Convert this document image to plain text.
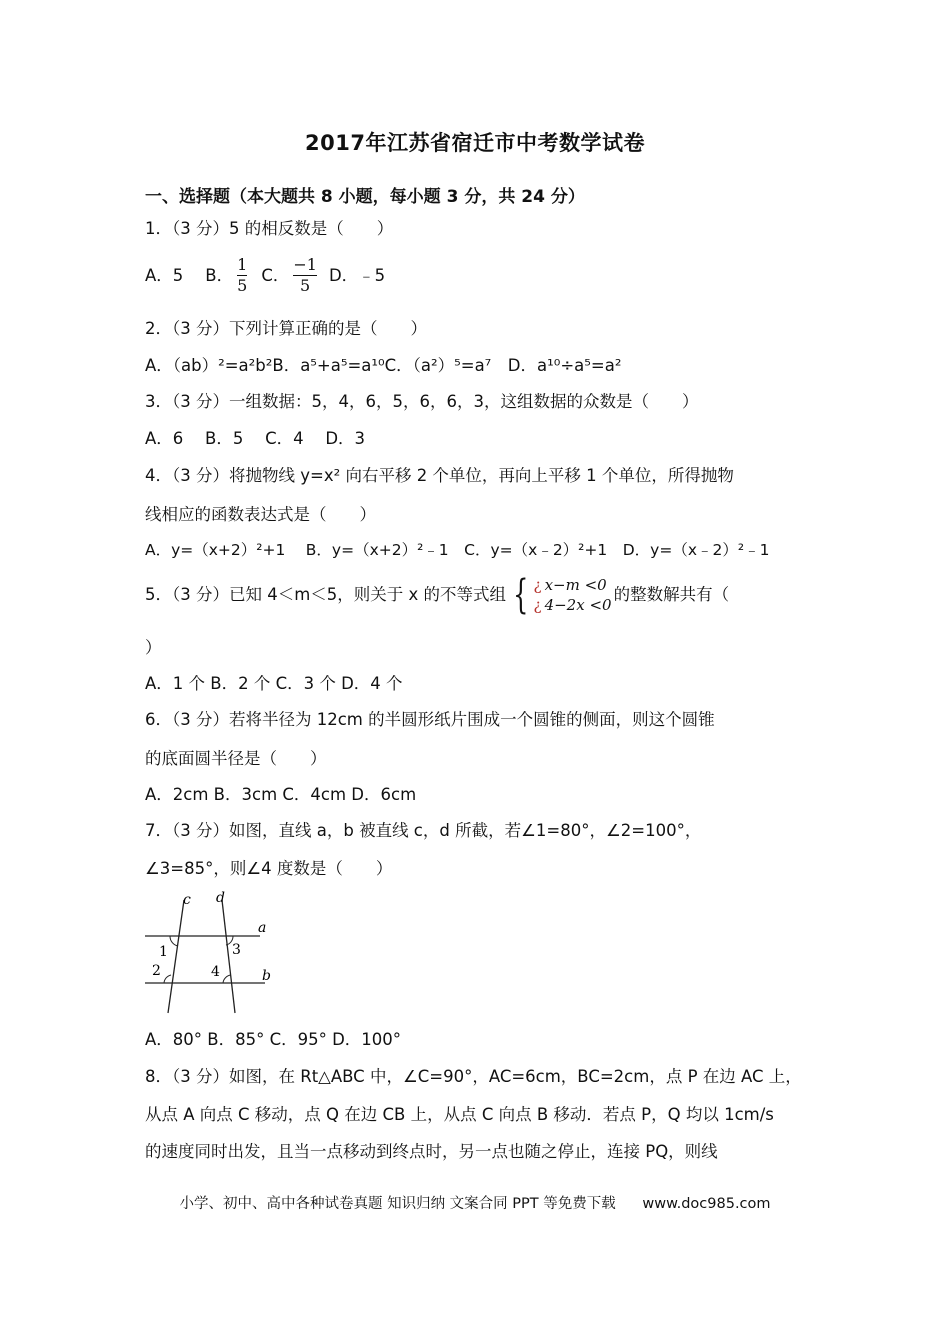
2017年江苏省宿迁市中考数学试卷
一、选择题（本大题共 8 小题，每小题 3 分，共 24 分）
1．（3 分）5 的相反数是（　　）
A．5 B． $\frac{1}{5}$ C． $\frac{-1}{5}$ D．﹣5
2．（3 分）下列计算正确的是（　　）
A．（ab）²=a²b²B．a⁵+a⁵=a¹⁰C．（a²）⁵=a⁷　D．a¹⁰÷a⁵=a²
3．（3 分）一组数据：5，4，6，5，6，6，3，这组数据的众数是（　　）
A．6　 B．5　 C．4　 D．3
4．（3 分）将抛物线 y=x² 向右平移 2 个单位，再向上平移 1 个单位，所得抛物
线相应的函数表达式是（　　）
A．y=（x+2）²+1　 B．y=（x+2）²﹣1　C．y=（x﹣2）²+1　D．y=（x﹣2）²﹣1
5．（3 分）已知 4＜m＜5，则关于 x 的不等式组 { ¿ x−m <0
¿ 4−2x <0
的整数解共有（
）
A．1 个 B．2 个 C．3 个 D．4 个
6．（3 分）若将半径为 12cm 的半圆形纸片围成一个圆锥的侧面，则这个圆锥
的底面圆半径是（　　）
A．2cm B．3cm C．4cm D．6cm
7．（3 分）如图，直线 a，b 被直线 c，d 所截，若∠1=80°，∠2=100°，
∠3=85°，则∠4 度数是（　　）
c d
a
b
1
2
3
4
A．80° B．85° C．95° D．100°
8．（3 分）如图，在 Rt△ABC 中，∠C=90°，AC=6cm，BC=2cm，点 P 在边 AC 上，
从点 A 向点 C 移动，点 Q 在边 CB 上，从点 C 向点 B 移动．若点 P，Q 均以 1cm/s
的速度同时出发，且当一点移动到终点时，另一点也随之停止，连接 PQ，则线
小学、初中、高中各种试卷真题 知识归纳 文案合同 PPT 等免费下载 www.doc985.com
